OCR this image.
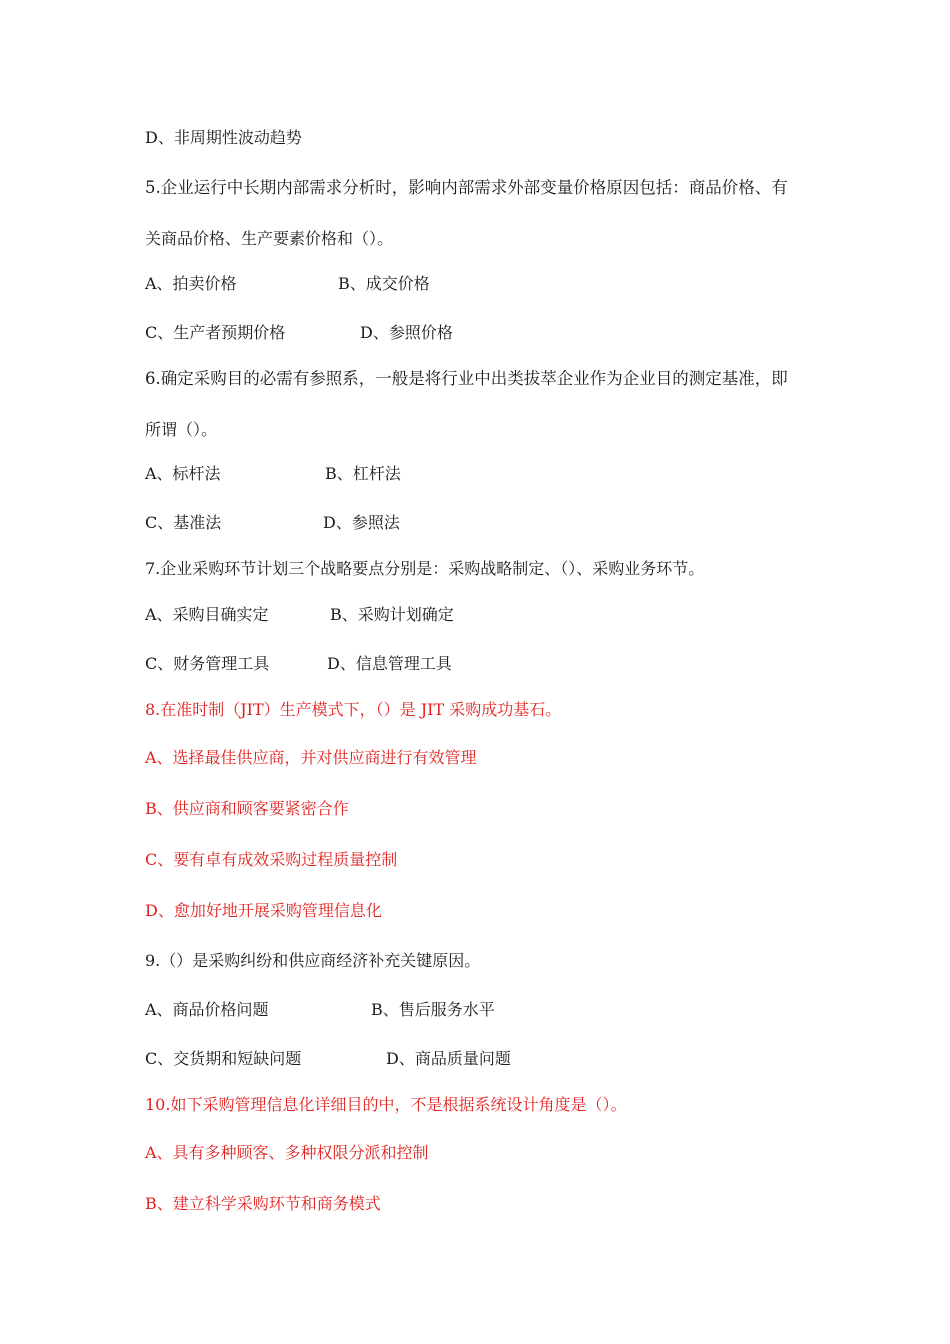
D、非周期性波动趋势
5.企业运行中长期内部需求分析时，影响内部需求外部变量价格原因包括：商品价格、有
关商品价格、生产要素价格和（）。
A、拍卖价格	B、成交价格
C、生产者预期价格	D、参照价格
6.确定采购目的必需有参照系，一般是将行业中出类拔萃企业作为企业目的测定基准，即
所谓（）。
A、标杆法	B、杠杆法
C、基准法	D、参照法
7.企业采购环节计划三个战略要点分别是：采购战略制定、（）、采购业务环节。
A、采购目确实定	B、采购计划确定
C、财务管理工具	D、信息管理工具
8.在准时制（JIT）生产模式下，（）是 JIT 采购成功基石。
A、选择最佳供应商，并对供应商进行有效管理
B、供应商和顾客要紧密合作
C、要有卓有成效采购过程质量控制
D、愈加好地开展采购管理信息化
9.（）是采购纠纷和供应商经济补充关键原因。
A、商品价格问题	B、售后服务水平
C、交货期和短缺问题	D、商品质量问题
10.如下采购管理信息化详细目的中，不是根据系统设计角度是（）。
A、具有多种顾客、多种权限分派和控制
B、建立科学采购环节和商务模式
